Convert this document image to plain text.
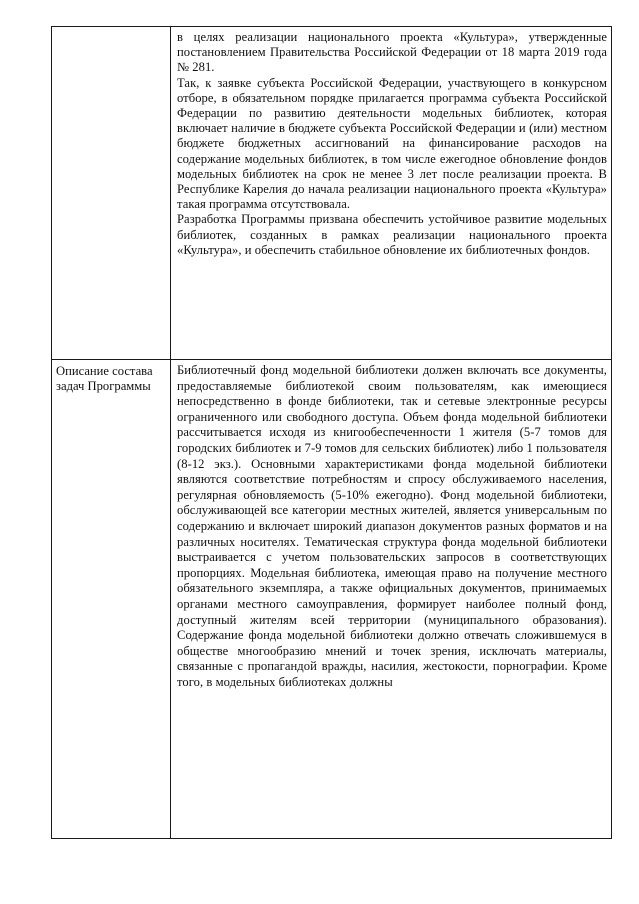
	в целях реализации национального проекта «Культура», утвержденные постановлением Правительства Российской Федерации от 18 марта 2019 года № 281.

Так, к заявке субъекта Российской Федерации, участвующего в конкурсном отборе, в обязательном порядке прилагается программа субъекта Российской Федерации по развитию деятельности модельных библиотек, которая включает наличие в бюджете субъекта Российской Федерации и (или) местном бюджете бюджетных ассигнований на финансирование расходов на содержание модельных библиотек, в том числе ежегодное обновление фондов модельных библиотек на срок не менее 3 лет после реализации проекта. В Республике Карелия до начала реализации национального проекта «Культура» такая программа отсутствовала.

Разработка Программы призвана обеспечить устойчивое развитие модельных библиотек, созданных в рамках реализации национального проекта «Культура», и обеспечить стабильное обновление их библиотечных фондов.

Описание состава задач Программы	Библиотечный фонд модельной библиотеки должен включать все документы, предоставляемые библиотекой своим пользователям, как имеющиеся непосредственно в фонде библиотеки, так и сетевые электронные ресурсы ограниченного или свободного доступа. Объем фонда модельной библиотеки рассчитывается исходя из книгообеспеченности 1 жителя (5-7 томов для городских библиотек и 7-9 томов для сельских библиотек) либо 1 пользователя (8-12 экз.). Основными характеристиками фонда модельной библиотеки являются соответствие потребностям и спросу обслуживаемого населения, регулярная обновляемость (5-10% ежегодно). Фонд модельной библиотеки, обслуживающей все категории местных жителей, является универсальным по содержанию и включает широкий диапазон документов разных форматов и на различных носителях. Тематическая структура фонда модельной библиотеки выстраивается с учетом пользовательских запросов в соответствующих пропорциях. Модельная библиотека, имеющая право на получение местного обязательного экземпляра, а также официальных документов, принимаемых органами местного самоуправления, формирует наиболее полный фонд, доступный жителям всей территории (муниципального образования). Содержание фонда модельной библиотеки должно отвечать сложившемуся в обществе многообразию мнений и точек зрения, исключать материалы, связанные с пропагандой вражды, насилия, жестокости, порнографии. Кроме того, в модельных библиотеках должны
